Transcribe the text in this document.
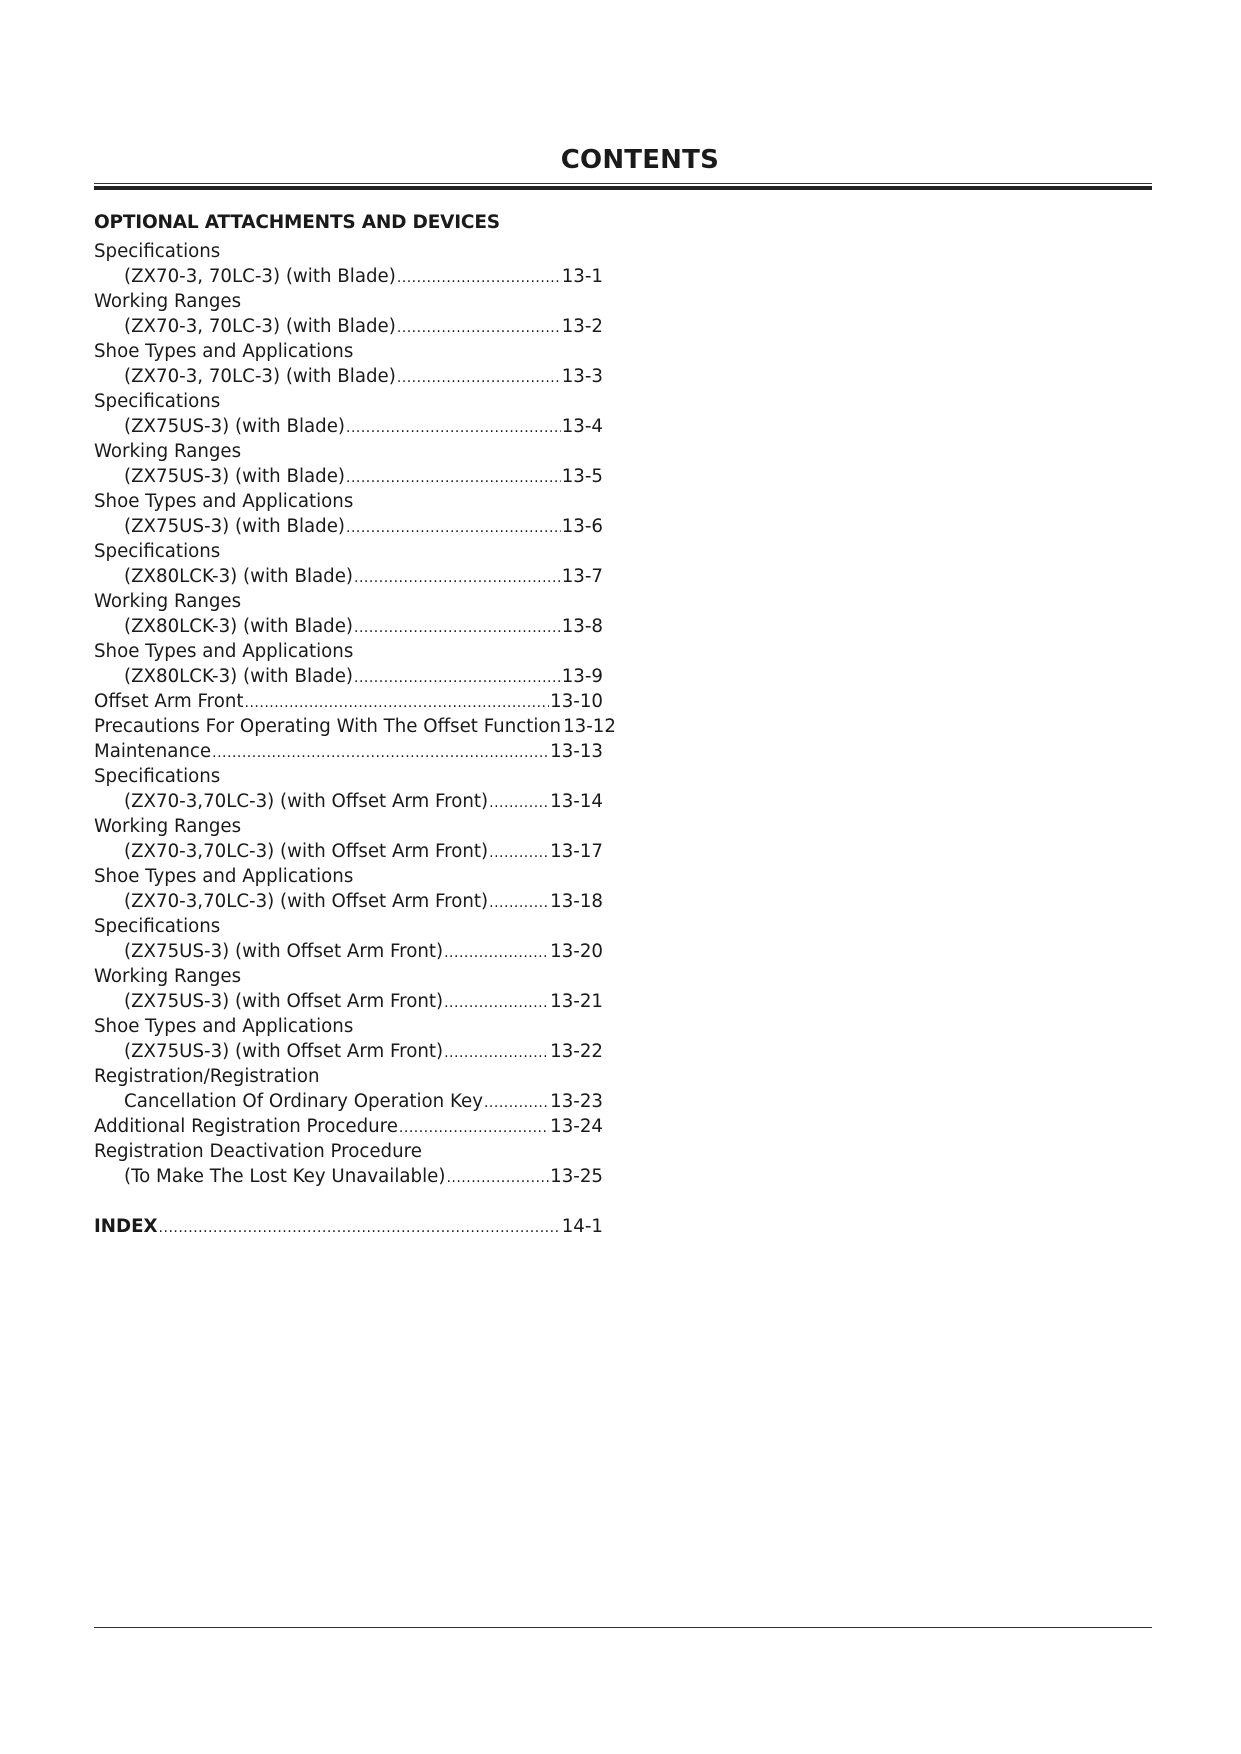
CONTENTS
OPTIONAL ATTACHMENTS AND DEVICES
Specifications
(ZX70-3, 70LC-3) (with Blade) .....	13-1
Working Ranges
(ZX70-3, 70LC-3) (with Blade) .....	13-2
Shoe Types and Applications
(ZX70-3, 70LC-3) (with Blade) .....	13-3
Specifications
(ZX75US-3) (with Blade) .....	13-4
Working Ranges
(ZX75US-3) (with Blade) .....	13-5
Shoe Types and Applications
(ZX75US-3) (with Blade) .....	13-6
Specifications
(ZX80LCK-3) (with Blade) .....	13-7
Working Ranges
(ZX80LCK-3) (with Blade) .....	13-8
Shoe Types and Applications
(ZX80LCK-3) (with Blade) .....	13-9
Offset Arm Front .....	13-10
Precautions For Operating With The Offset Function 13-12
Maintenance .....	13-13
Specifications
(ZX70-3,70LC-3) (with Offset Arm Front) .....	13-14
Working Ranges
(ZX70-3,70LC-3) (with Offset Arm Front) .....	13-17
Shoe Types and Applications
(ZX70-3,70LC-3) (with Offset Arm Front) .....	13-18
Specifications
(ZX75US-3) (with Offset Arm Front) .....	13-20
Working Ranges
(ZX75US-3) (with Offset Arm Front) .....	13-21
Shoe Types and Applications
(ZX75US-3) (with Offset Arm Front) .....	13-22
Registration/Registration
Cancellation Of Ordinary Operation Key .....	13-23
Additional Registration Procedure .....	13-24
Registration Deactivation Procedure
(To Make The Lost Key Unavailable) .....	13-25
INDEX .....	14-1
